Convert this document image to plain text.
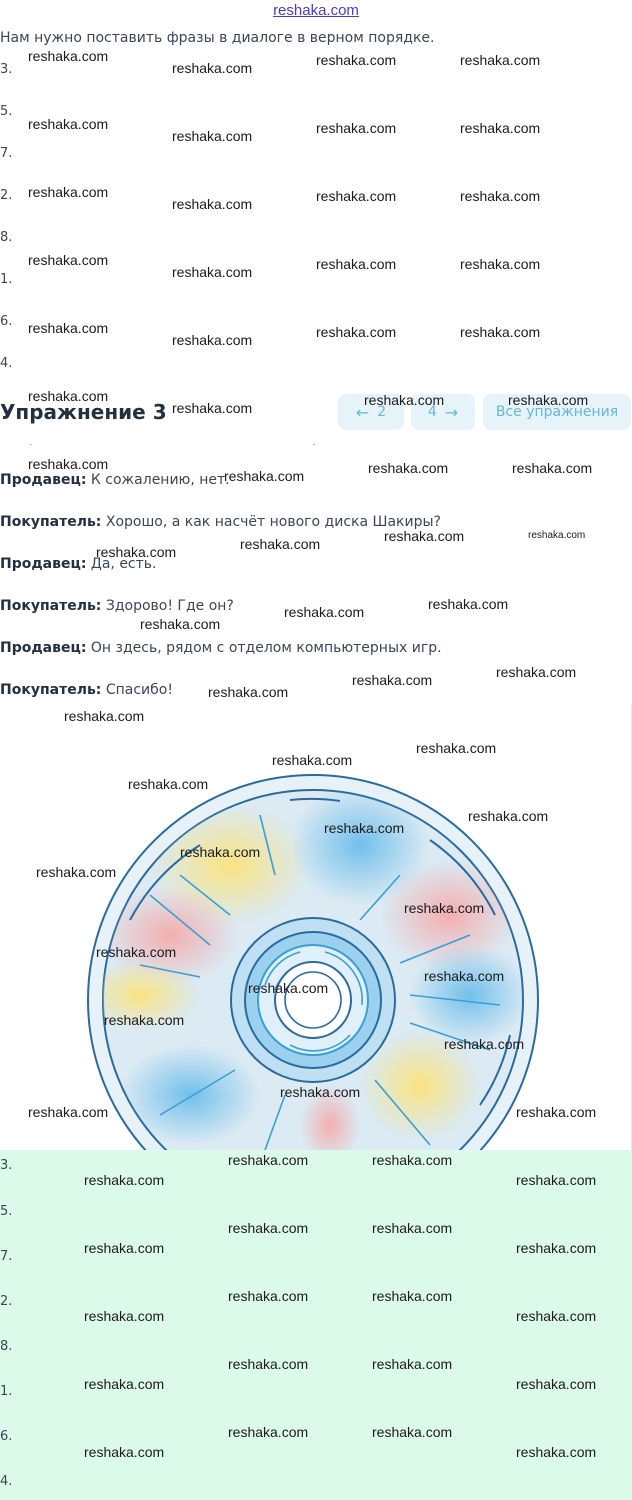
reshaka.com
Нам нужно поставить фразы в диалоге в верном порядке.
3.
5.
7.
2.
8.
1.
6.
4.
Упражнение 3	← 2	4 →	Все упражнения
Продавец: К сожалению, нет.
Покупатель: Хорошо, а как насчёт нового диска Шакиры?
Продавец: Да, есть.
Покупатель: Здорово! Где он?
Продавец: Он здесь, рядом с отделом компьютерных игр.
Покупатель: Спасибо!
3.
5.
7.
2.
8.
1.
6.
4.
reshaka.com
reshaka.com	reshaka.com	reshaka.com
reshaka.com
reshaka.com	reshaka.com	reshaka.com
reshaka.com
reshaka.com	reshaka.com	reshaka.com
reshaka.com
reshaka.com	reshaka.com	reshaka.com
reshaka.com
reshaka.com	reshaka.com	reshaka.com
reshaka.com
reshaka.com	reshaka.com	reshaka.com
reshaka.com
reshaka.com	reshaka.com	reshaka.com
reshaka.com	reshaka.com	reshaka.com	reshaka.com
reshaka.com
reshaka.com	reshaka.com
reshaka.com
reshaka.com	reshaka.com
reshaka.com
reshaka.com
reshaka.com
reshaka.com
reshaka.com
reshaka.com
reshaka.com
reshaka.com
reshaka.com
reshaka.com
reshaka.com
reshaka.com
reshaka.com
reshaka.com
reshaka.com
reshaka.com	reshaka.com
reshaka.com	reshaka.com
reshaka.com	reshaka.com
reshaka.com	reshaka.com
reshaka.com	reshaka.com
reshaka.com	reshaka.com
reshaka.com	reshaka.com
reshaka.com	reshaka.com
reshaka.com	reshaka.com
reshaka.com	reshaka.com
reshaka.com	reshaka.com
